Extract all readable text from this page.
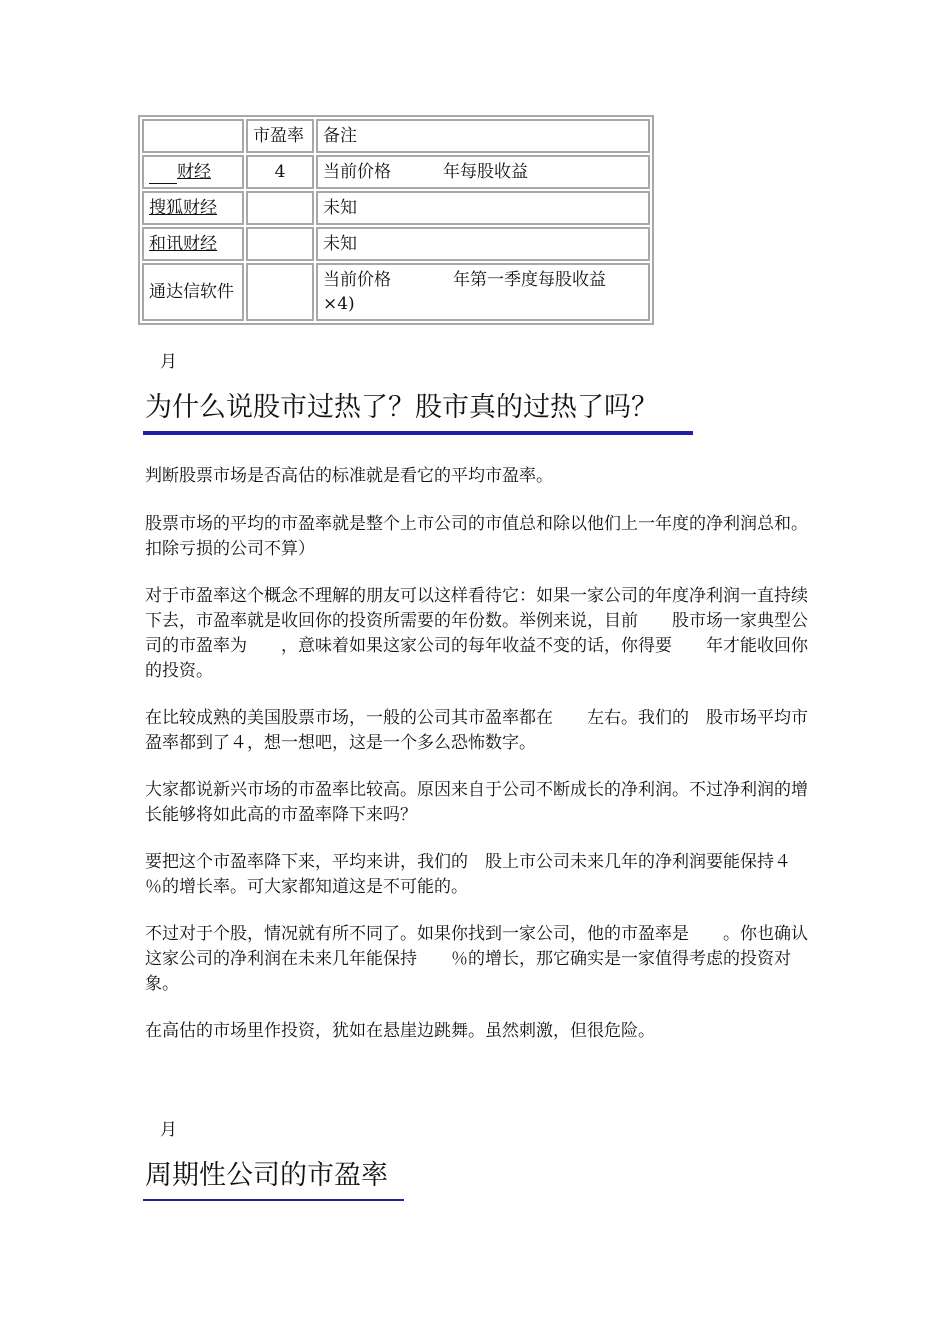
	市盈率	备注
财经	4	当前价格 年每股收益
搜狐财经		未知
和讯财经		未知
通达信软件		当前价格 年第一季度每股收益
×4)
月
为什么说股市过热了？股市真的过热了吗？

判断股票市场是否高估的标准就是看它的平均市盈率。

股票市场的平均的市盈率就是整个上市公司的市值总和除以他们上一年度的净利润总和。　扣除亏损的公司不算）

对于市盈率这个概念不理解的朋友可以这样看待它：如果一家公司的年度净利润一直持续下去，市盈率就是收回你的投资所需要的年份数。举例来说，目前　　股市场一家典型公司的市盈率为　　，意味着如果这家公司的每年收益不变的话，你得要　　年才能收回你的投资。

在比较成熟的美国股票市场，一般的公司其市盈率都在　　左右。我们的　股市场平均市盈率都到了４，想一想吧，这是一个多么恐怖数字。

大家都说新兴市场的市盈率比较高。原因来自于公司不断成长的净利润。不过净利润的增长能够将如此高的市盈率降下来吗？

要把这个市盈率降下来，平均来讲，我们的　股上市公司未来几年的净利润要能保持４　％的增长率。可大家都知道这是不可能的。

不过对于个股，情况就有所不同了。如果你找到一家公司，他的市盈率是　　。你也确认这家公司的净利润在未来几年能保持　　％的增长，那它确实是一家值得考虑的投资对象。

在高估的市场里作投资，犹如在悬崖边跳舞。虽然刺激，但很危险。

月
周期性公司的市盈率
